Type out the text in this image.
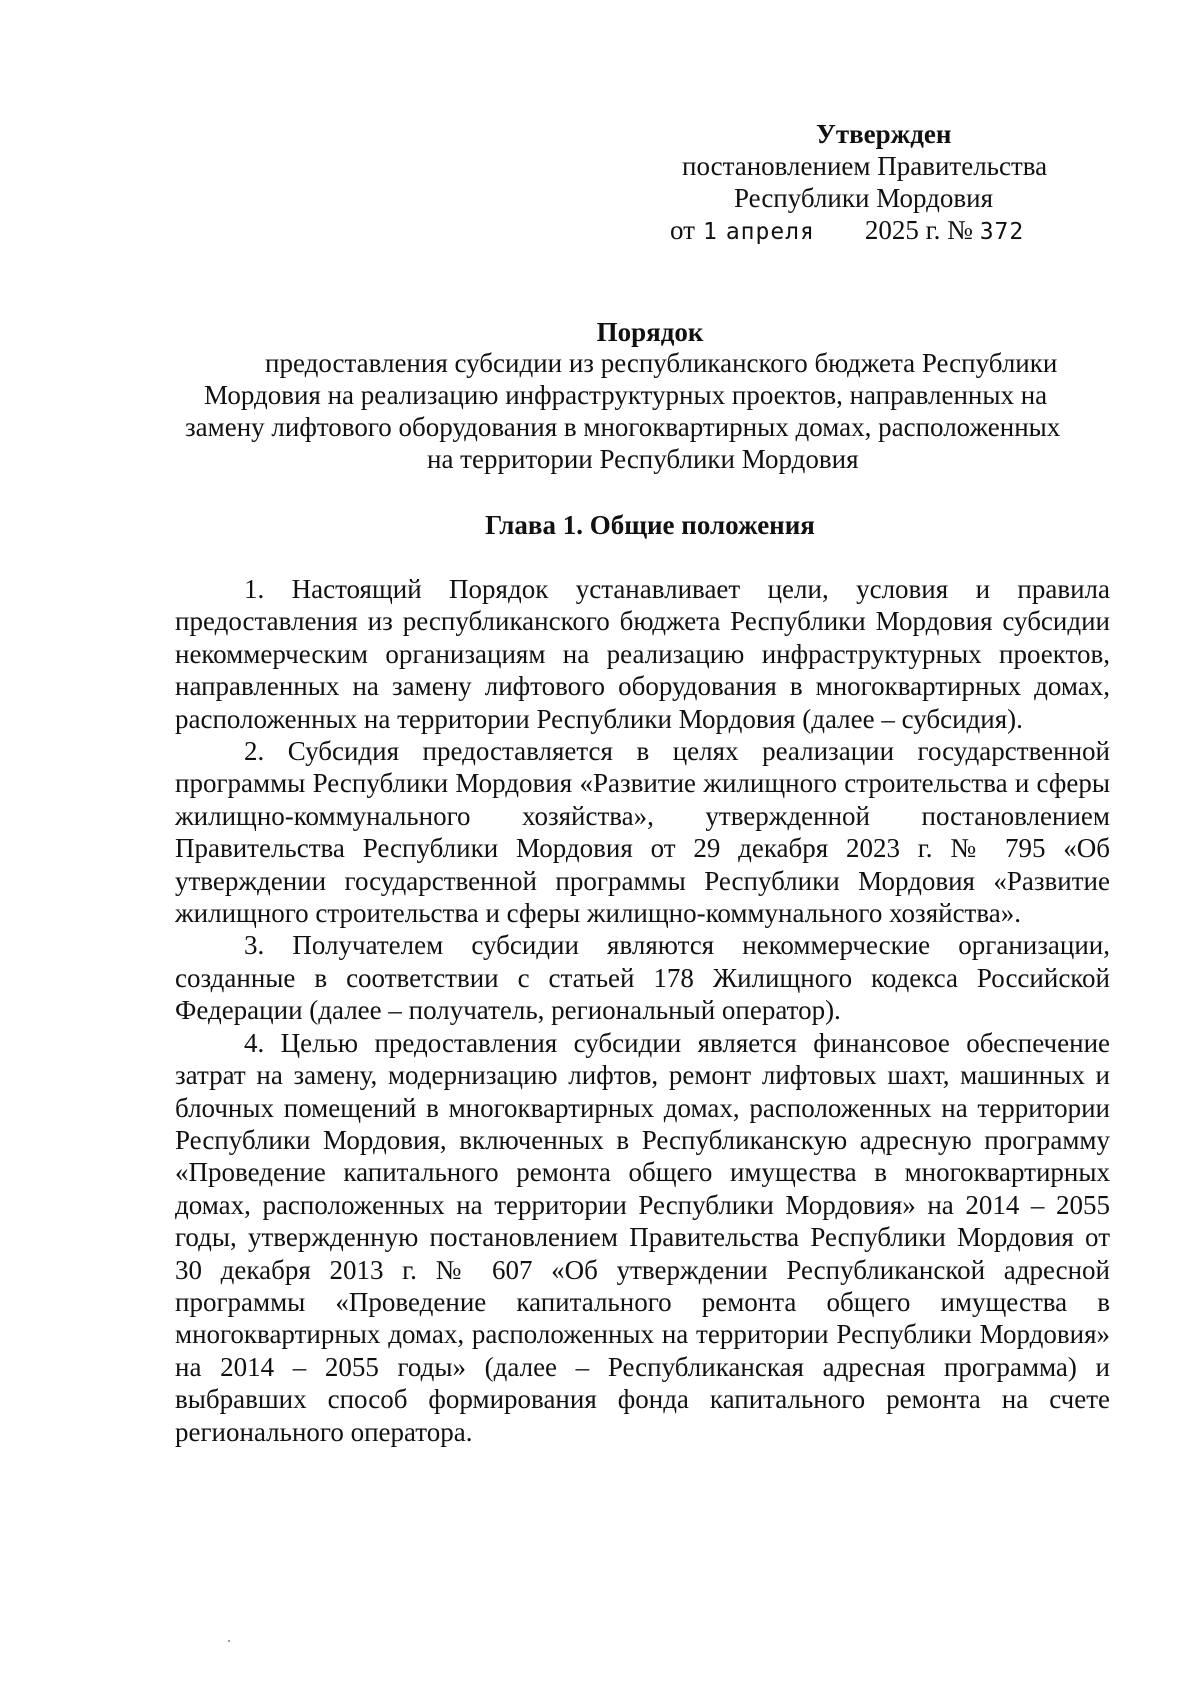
Утвержден
постановлением Правительства
Республики Мордовия
от 1 апреля 2025 г. № 372
Порядок
предоставления субсидии из республиканского бюджета Республики
Мордовия на реализацию инфраструктурных проектов, направленных на
замену лифтового оборудования в многоквартирных домах, расположенных
на территории Республики Мордовия
Глава 1. Общие положения

1. Настоящий Порядок устанавливает цели, условия и правила предоставления из республиканского бюджета Республики Мордовия субсидии некоммерческим организациям на реализацию инфраструктурных проектов, направленных на замену лифтового оборудования в многоквартирных домах, расположенных на территории Республики Мордовия (далее – субсидия).

2. Субсидия предоставляется в целях реализации государственной программы Республики Мордовия «Развитие жилищного строительства и сферы жилищно-коммунального хозяйства», утвержденной постановлением Правительства Республики Мордовия от 29 декабря 2023 г. № 795 «Об утверждении государственной программы Республики Мордовия «Развитие жилищного строительства и сферы жилищно-коммунального хозяйства».

3. Получателем субсидии являются некоммерческие организации, созданные в соответствии с статьей 178 Жилищного кодекса Российской Федерации (далее – получатель, региональный оператор).

4. Целью предоставления субсидии является финансовое обеспечение затрат на замену, модернизацию лифтов, ремонт лифтовых шахт, машинных и блочных помещений в многоквартирных домах, расположенных на территории Республики Мордовия, включенных в Республиканскую адресную программу «Проведение капитального ремонта общего имущества в многоквартирных домах, расположенных на территории Республики Мордовия» на 2014 – 2055 годы, утвержденную постановлением Правительства Республики Мордовия от 30 декабря 2013 г. № 607 «Об утверждении Республиканской адресной программы «Проведение капитального ремонта общего имущества в многоквартирных домах, расположенных на территории Республики Мордовия» на 2014 – 2055 годы» (далее – Республиканская адресная программа) и выбравших способ формирования фонда капитального ремонта на счете регионального оператора.
